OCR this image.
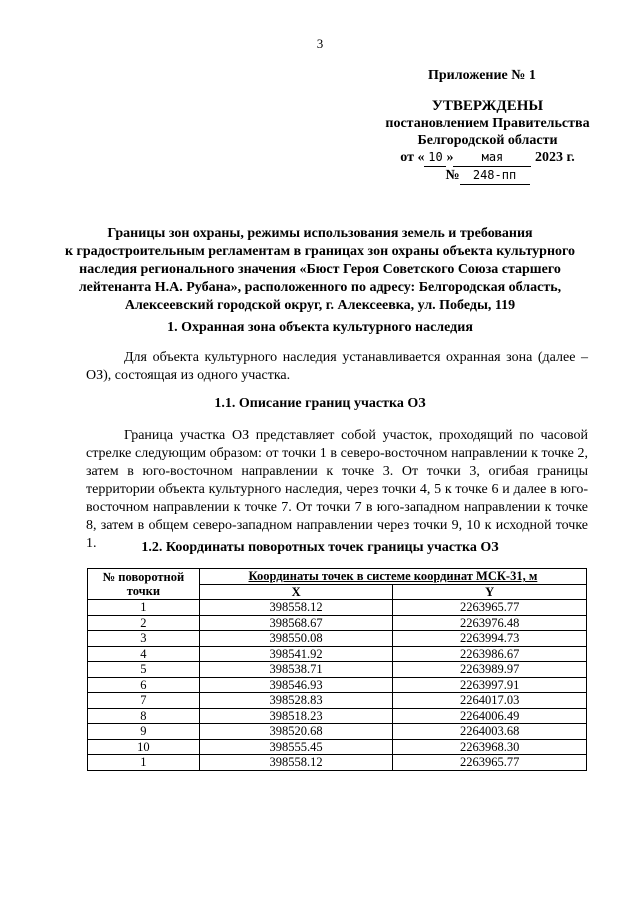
3
Приложение № 1
УТВЕРЖДЕНЫ
постановлением Правительства
Белгородской области
от « 10 » мая 2023 г.
№ 248-пп
Границы зон охраны, режимы использования земель и требования
к градостроительным регламентам в границах зон охраны объекта культурного
наследия регионального значения «Бюст Героя Советского Союза старшего
лейтенанта Н.А. Рубана», расположенного по адресу: Белгородская область,
Алексеевский городской округ, г. Алексеевка, ул. Победы, 119
1. Охранная зона объекта культурного наследия
Для объекта культурного наследия устанавливается охранная зона (далее – ОЗ), состоящая из одного участка.
1.1. Описание границ участка ОЗ
Граница участка ОЗ представляет собой участок, проходящий по часовой стрелке следующим образом: от точки 1 в северо-восточном направлении к точке 2, затем в юго-восточном направлении к точке 3. От точки 3, огибая границы территории объекта культурного наследия, через точки 4, 5 к точке 6 и далее в юго-восточном направлении к точке 7. От точки 7 в юго-западном направлении к точке 8, затем в общем северо-западном направлении через точки 9, 10 к исходной точке 1.	1.2. Координаты поворотных точек границы участка ОЗ
№ поворотной
точки	Координаты точек в системе координат МСК-31, м	
	X	Y
1	398558.12	2263965.77
2	398568.67	2263976.48
3	398550.08	2263994.73
4	398541.92	2263986.67
5	398538.71	2263989.97
6	398546.93	2263997.91
7	398528.83	2264017.03
8	398518.23	2264006.49
9	398520.68	2264003.68
10	398555.45	2263968.30
1	398558.12	2263965.77
